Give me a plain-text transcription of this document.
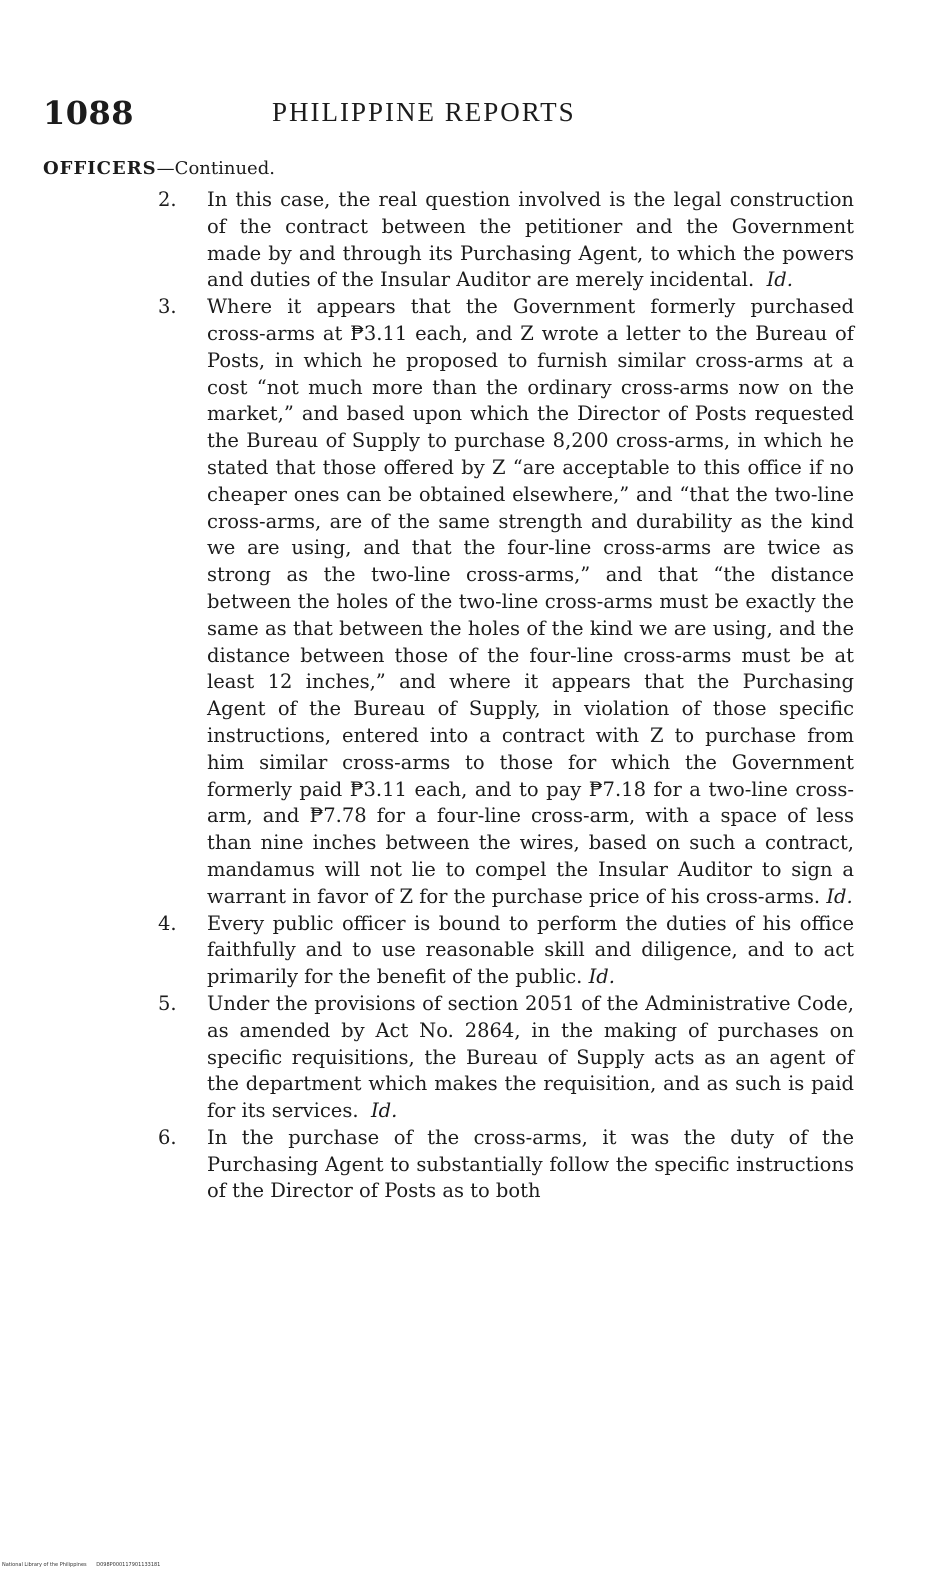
1088	PHILIPPINE REPORTS
OFFICERS—Continued.
2. In this case, the real question involved is the legal construction of the contract between the petitioner and the Government made by and through its Purchasing Agent, to which the powers and duties of the Insular Auditor are merely incidental. Id.
3. Where it appears that the Government formerly purchased cross-arms at ₱3.11 each, and Z wrote a letter to the Bureau of Posts, in which he proposed to furnish similar cross-arms at a cost “not much more than the ordinary cross-arms now on the market,” and based upon which the Director of Posts requested the Bureau of Supply to purchase 8,200 cross-arms, in which he stated that those offered by Z “are acceptable to this office if no cheaper ones can be obtained elsewhere,” and “that the two-line cross-arms, are of the same strength and durability as the kind we are using, and that the four-line cross-arms are twice as strong as the two-line cross-arms,” and that “the distance between the holes of the two-line cross-arms must be exactly the same as that between the holes of the kind we are using, and the distance between those of the four-line cross-arms must be at least 12 inches,” and where it appears that the Purchasing Agent of the Bureau of Supply, in violation of those specific instructions, entered into a contract with Z to purchase from him similar cross-arms to those for which the Government formerly paid ₱3.11 each, and to pay ₱7.18 for a two-line cross-arm, and ₱7.78 for a four-line cross-arm, with a space of less than nine inches between the wires, based on such a contract, mandamus will not lie to compel the Insular Auditor to sign a warrant in favor of Z for the purchase price of his cross-arms. Id.
4. Every public officer is bound to perform the duties of his office faithfully and to use reasonable skill and diligence, and to act primarily for the benefit of the public. Id.
5. Under the provisions of section 2051 of the Administrative Code, as amended by Act No. 2864, in the making of purchases on specific requisitions, the Bureau of Supply acts as an agent of the department which makes the requisition, and as such is paid for its services. Id.
6. In the purchase of the cross-arms, it was the duty of the Purchasing Agent to substantially follow the specific instructions of the Director of Posts as to both
National Library of the Philippines D098P000117901133181
